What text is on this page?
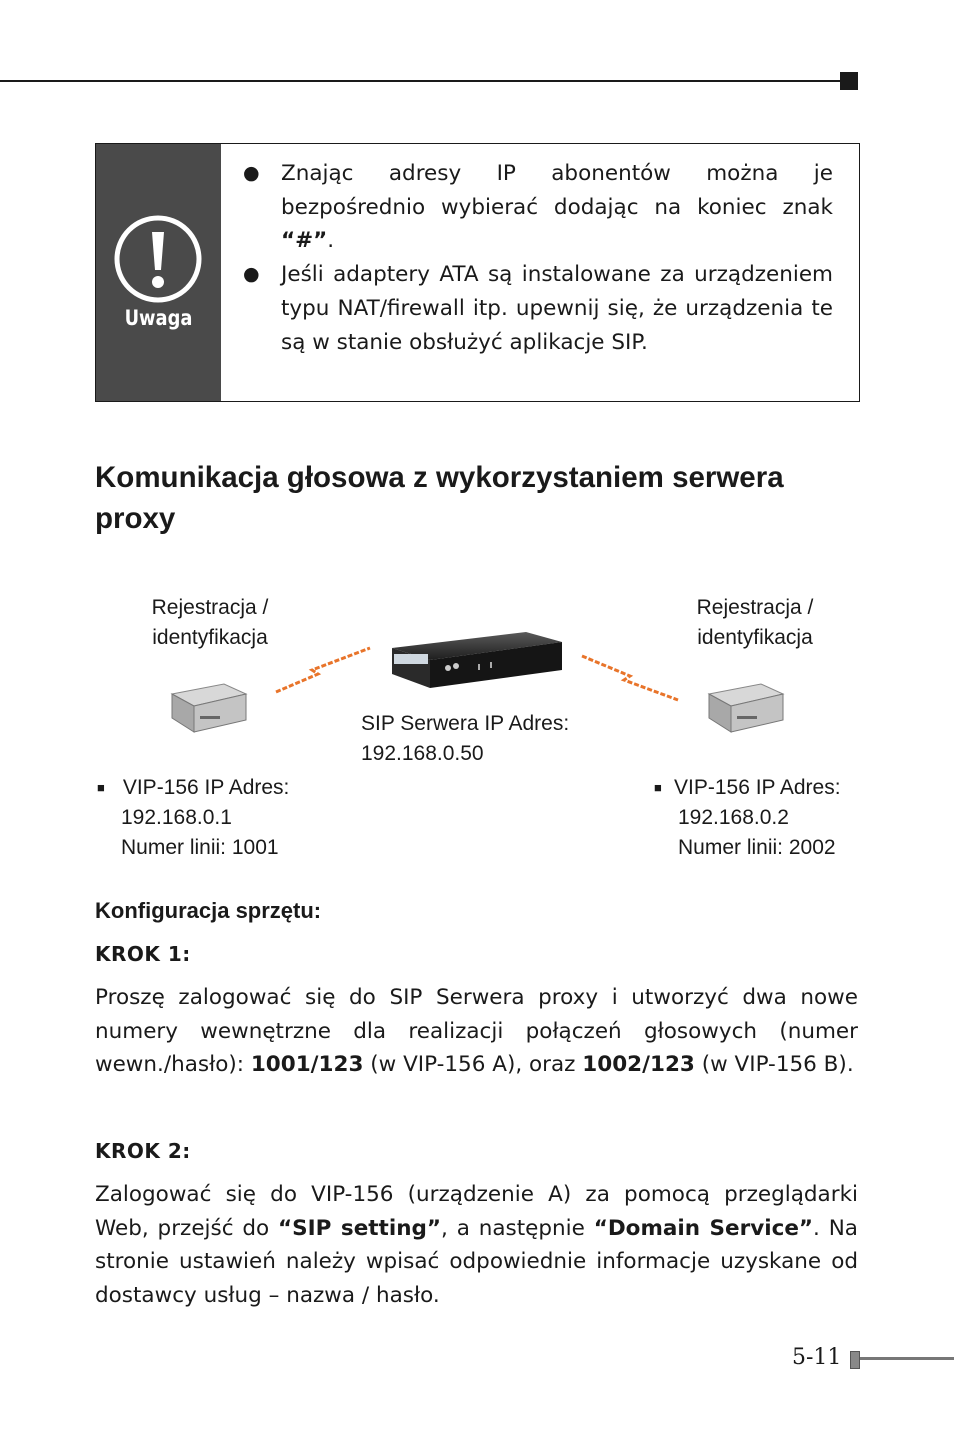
Uwaga
● Znając adresy IP abonentów można je bezpośrednio wybierać dodając na koniec znak “#”.
● Jeśli adaptery ATA są instalowane za urządzeniem typu NAT/firewall itp. upewnij się, że urządzenia te są w stanie obsłużyć aplikacje SIP.
Komunikacja głosowa z wykorzystaniem serwera proxy
Rejestracja /
identyfikacja
Rejestracja /
identyfikacja
SIP Serwera IP Adres:
192.168.0.50
■ VIP-156 IP Adres:
192.168.0.1
Numer linii: 1001
■ VIP-156 IP Adres:
192.168.0.2
Numer linii: 2002
Konfiguracja sprzętu:
KROK 1:

Proszę zalogować się do SIP Serwera proxy i utworzyć dwa nowe numery wewnętrzne dla realizacji połączeń głosowych (numer wewn./hasło): 1001/123 (w VIP-156 A), oraz 1002/123 (w VIP-156 B).

KROK 2:

Zalogować się do VIP-156 (urządzenie A) za pomocą przeglądarki Web, przejść do “SIP setting”, a następnie “Domain Service”. Na stronie ustawień należy wpisać odpowiednie informacje uzyskane od dostawcy usług – nazwa / hasło.

5-11
